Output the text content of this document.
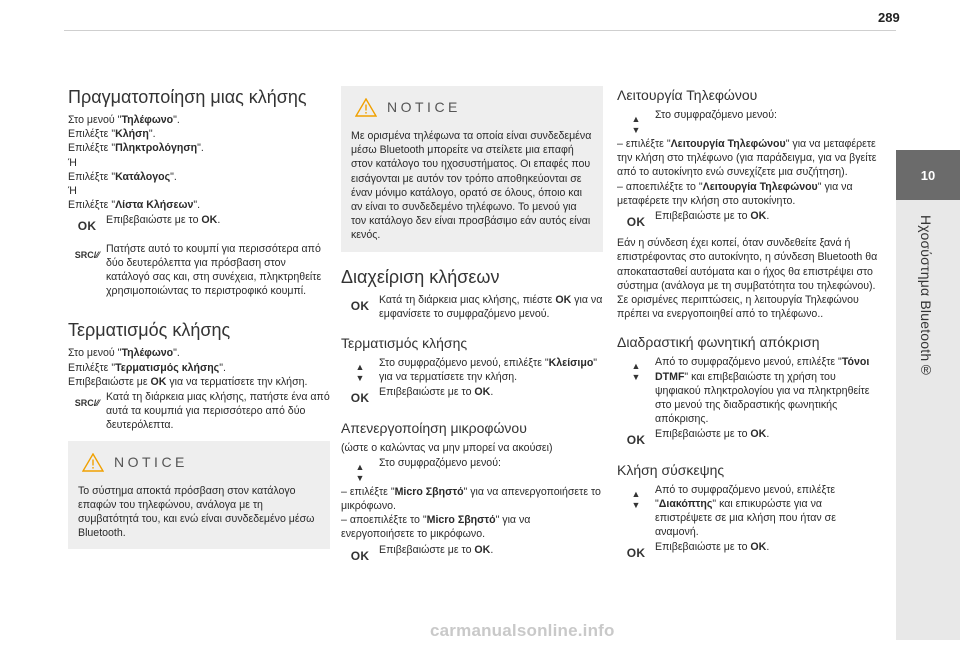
289
10
Ηχοσύστημα Bluetooth®
Πραγματοποίηση μιας κλήσης

Στο μενού "Τηλέφωνο".

Επιλέξτε "Κλήση".

Επιλέξτε "Πληκτρολόγηση".

Ή

Επιλέξτε "Κατάλογος".

Ή

Επιλέξτε "Λίστα Κλήσεων".

OK Επιβεβαιώστε με το OK.
SRC/⁄⁄ Πατήστε αυτό το κουμπί για περισσότερα από δύο δευτερόλεπτα για πρόσβαση στον κατάλογό σας και, στη συνέχεια, πληκτρηθείτε χρησιμοποιώντας το περιστροφικό κουμπί.
Τερματισμός κλήσης

Στο μενού "Τηλέφωνο".

Επιλέξτε "Τερματισμός κλήσης".

Επιβεβαιώστε με OK για να τερματίσετε την κλήση.

SRC/⁄⁄ Κατά τη διάρκεια μιας κλήσης, πατήστε ένα από αυτά τα κουμπιά για περισσότερο από δύο δευτερόλεπτα.
NOTICE

Το σύστημα αποκτά πρόσβαση στον κατάλογο επαφών του τηλεφώνου, ανάλογα με τη συμβατότητά του, και ενώ είναι συνδεδεμένο μέσω Bluetooth.

NOTICE

Με ορισμένα τηλέφωνα τα οποία είναι συνδεδεμένα μέσω Bluetooth μπορείτε να στείλετε μια επαφή στον κατάλογο του ηχοσυστήματος. Οι επαφές που εισάγονται με αυτόν τον τρόπο αποθηκεύονται σε έναν μόνιμο κατάλογο, ορατό σε όλους, όποιο και αν είναι το συνδεδεμένο τηλέφωνο. Το μενού για τον κατάλογο δεν είναι προσβάσιμο εάν αυτός είναι κενός.

Διαχείριση κλήσεων
OK Κατά τη διάρκεια μιας κλήσης, πιέστε OK για να εμφανίσετε το συμφραζόμενο μενού.
Τερματισμός κλήσης
▲
▼
Στο συμφραζόμενο μενού, επιλέξτε "Κλείσιμο" για να τερματίσετε την κλήση.
OK Επιβεβαιώστε με το OK.
Απενεργοποίηση μικροφώνου

(ώστε ο καλώντας να μην μπορεί να ακούσει)

▲
▼
Στο συμφραζόμενο μενού:

– επιλέξτε "Micro Σβηστό" για να απενεργοποιήσετε το μικρόφωνο.

– αποεπιλέξτε το "Micro Σβηστό" για να ενεργοποιήσετε το μικρόφωνο.

OK Επιβεβαιώστε με το OK.
Λειτουργία Τηλεφώνου
▲
▼
Στο συμφραζόμενο μενού:

– επιλέξτε "Λειτουργία Τηλεφώνου" για να μεταφέρετε την κλήση στο τηλέφωνο (για παράδειγμα, για να βγείτε από το αυτοκίνητο ενώ συνεχίζετε μια συζήτηση).

– αποεπιλέξτε το "Λειτουργία Τηλεφώνου" για να μεταφέρετε την κλήση στο αυτοκίνητο.

OK Επιβεβαιώστε με το OK.

Εάν η σύνδεση έχει κοπεί, όταν συνδεθείτε ξανά ή επιστρέφοντας στο αυτοκίνητο, η σύνδεση Bluetooth θα αποκατασταθεί αυτόματα και ο ήχος θα επιστρέψει στο σύστημα (ανάλογα με τη συμβατότητα του τηλεφώνου). Σε ορισμένες περιπτώσεις, η λειτουργία Τηλεφώνου πρέπει να ενεργοποιηθεί από το τηλέφωνο..

Διαδραστική φωνητική απόκριση
▲
▼
Από το συμφραζόμενο μενού, επιλέξτε "Τόνοι DTMF" και επιβεβαιώστε τη χρήση του ψηφιακού πληκτρολογίου για να πληκτρηθείτε στο μενού της διαδραστικής φωνητικής απόκρισης.
OK Επιβεβαιώστε με το OK.
Κλήση σύσκεψης
▲
▼
Από το συμφραζόμενο μενού, επιλέξτε "Διακόπτης" και επικυρώστε για να επιστρέψετε σε μια κλήση που ήταν σε αναμονή.
OK Επιβεβαιώστε με το OK.
carmanualsonline.info
